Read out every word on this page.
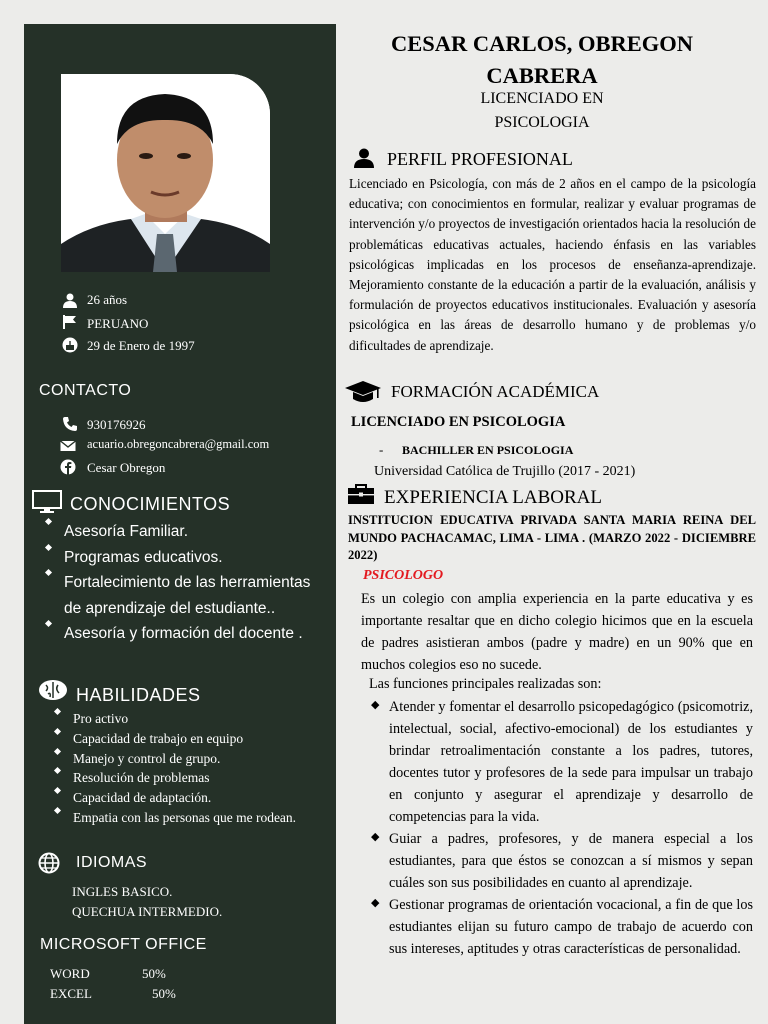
26 años
PERUANO
29 de Enero de 1997
CONTACTO
930176926
acuario.obregoncabrera@gmail.com
Cesar Obregon
CONOCIMIENTOS
Asesoría Familiar.
Programas educativos.
Fortalecimiento de las herramientas de aprendizaje del estudiante..
Asesoría y formación del docente .
HABILIDADES
Pro activo
Capacidad de trabajo en equipo
Manejo y control de grupo.
Resolución de problemas
Capacidad de adaptación.
Empatia con las personas que me rodean.
IDIOMAS
INGLES BASICO.
QUECHUA INTERMEDIO.
MICROSOFT OFFICE
WORD	50%
EXCEL	50%
CESAR CARLOS, OBREGON
CABRERA
LICENCIADO EN
PSICOLOGIA
PERFIL PROFESIONAL
Licenciado en Psicología, con más de 2 años en el campo de la psicología educativa; con conocimientos en formular, realizar y evaluar programas de intervención y/o proyectos de investigación orientados hacia la resolución de problemáticas educativas actuales, haciendo énfasis en las variables psicológicas implicadas en los procesos de enseñanza-aprendizaje. Mejoramiento constante de la educación a partir de la evaluación, análisis y formulación de proyectos educativos institucionales. Evaluación y asesoría psicológica en las áreas de desarrollo humano y de problemas y/o dificultades de aprendizaje.
FORMACIÓN ACADÉMICA
LICENCIADO EN PSICOLOGIA
- BACHILLER EN PSICOLOGIA
Universidad Católica de Trujillo (2017 - 2021)
EXPERIENCIA LABORAL
INSTITUCION EDUCATIVA PRIVADA SANTA MARIA REINA DEL MUNDO PACHACAMAC, LIMA - LIMA . (MARZO 2022 - DICIEMBRE 2022)
PSICOLOGO
Es un colegio con amplia experiencia en la parte educativa y es importante resaltar que en dicho colegio hicimos que en la escuela de padres asistieran ambos (padre y madre) en un 90% que en muchos colegios eso no sucede.
Las funciones principales realizadas son:
◆ Atender y fomentar el desarrollo psicopedagógico (psicomotriz, intelectual, social, afectivo-emocional) de los estudiantes y brindar retroalimentación constante a los padres, tutores, docentes tutor y profesores de la sede para impulsar un trabajo en conjunto y asegurar el aprendizaje y desarrollo de competencias para la vida.
◆ Guiar a padres, profesores, y de manera especial a los estudiantes, para que éstos se conozcan a sí mismos y sepan cuáles son sus posibilidades en cuanto al aprendizaje.
◆ Gestionar programas de orientación vocacional, a fin de que los estudiantes elijan su futuro campo de trabajo de acuerdo con sus intereses, aptitudes y otras características de personalidad.
